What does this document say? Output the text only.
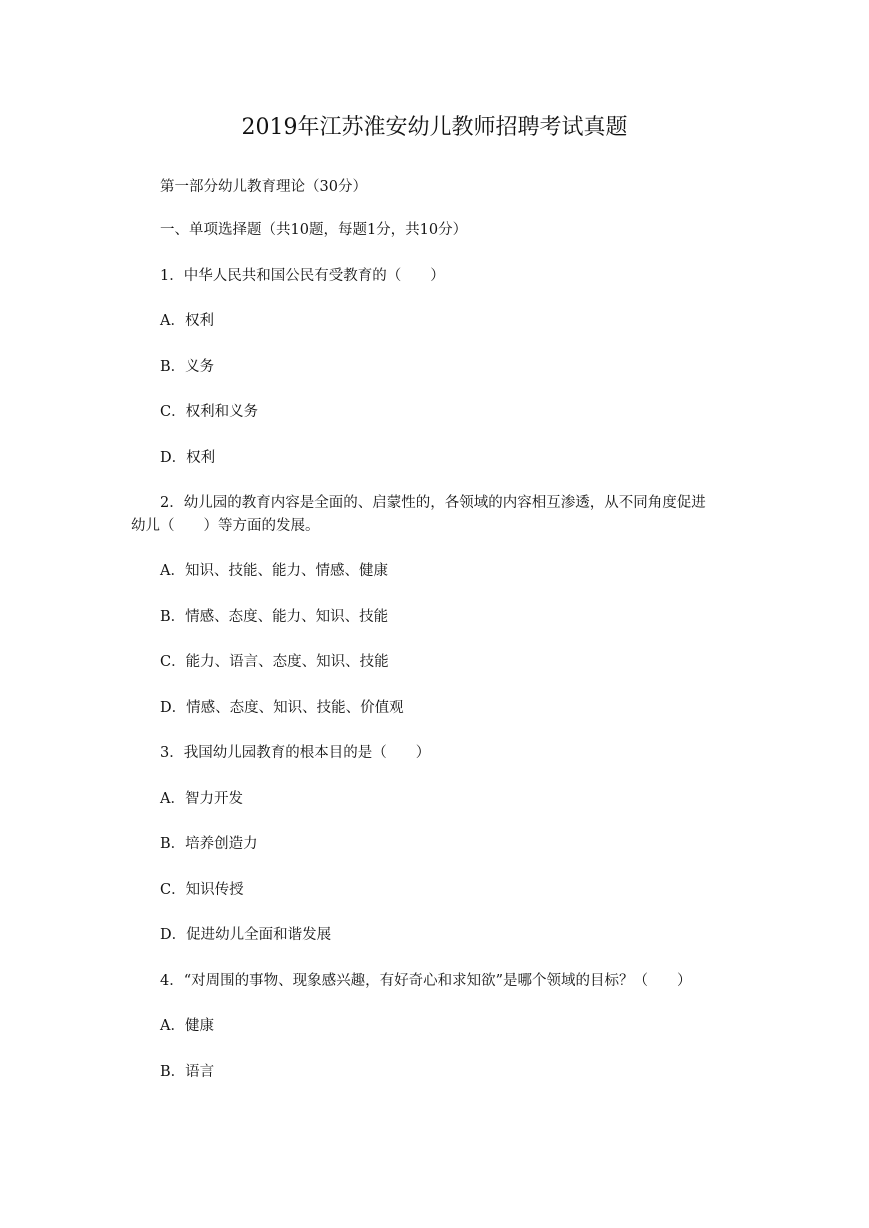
2019年江苏淮安幼儿教师招聘考试真题
第一部分幼儿教育理论（30分）
一、单项选择题（共10题，每题1分，共10分）
1．中华人民共和国公民有受教育的（　　）
A．权利
B．义务
C．权利和义务
D．权利
2．幼儿园的教育内容是全面的、启蒙性的，各领域的内容相互渗透，从不同角度促进
幼儿（　　）等方面的发展。
A．知识、技能、能力、情感、健康
B．情感、态度、能力、知识、技能
C．能力、语言、态度、知识、技能
D．情感、态度、知识、技能、价值观
3．我国幼儿园教育的根本目的是（　　）
A．智力开发
B．培养创造力
C．知识传授
D．促进幼儿全面和谐发展
4．“对周围的事物、现象感兴趣，有好奇心和求知欲”是哪个领域的目标？（　　）
A．健康
B．语言
